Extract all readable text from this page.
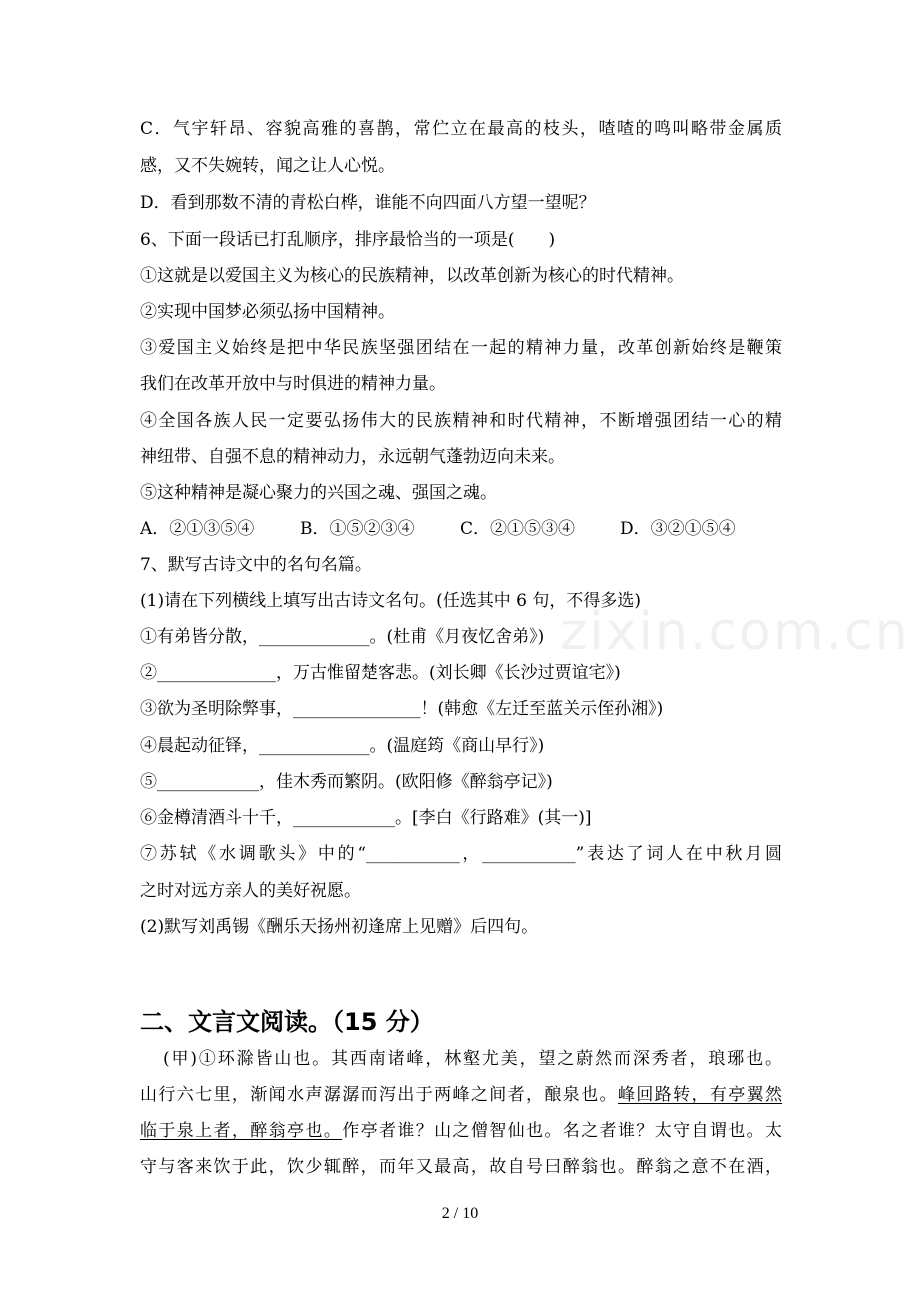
zixin.com.cn
C．气宇轩昂、容貌高雅的喜鹊，常伫立在最高的枝头，喳喳的鸣叫略带金属质
感，又不失婉转，闻之让人心悦。
D．看到那数不清的青松白桦，谁能不向四面八方望一望呢？
6、下面一段话已打乱顺序，排序最恰当的一项是(　　)
①这就是以爱国主义为核心的民族精神，以改革创新为核心的时代精神。
②实现中国梦必须弘扬中国精神。
③爱国主义始终是把中华民族坚强团结在一起的精神力量，改革创新始终是鞭策
我们在改革开放中与时俱进的精神力量。
④全国各族人民一定要弘扬伟大的民族精神和时代精神，不断增强团结一心的精
神纽带、自强不息的精神动力，永远朝气蓬勃迈向未来。
⑤这种精神是凝心聚力的兴国之魂、强国之魂。
A．②①③⑤④	B．①⑤②③④	C．②①⑤③④	D．③②①⑤④
7、默写古诗文中的名句名篇。
(1)请在下列横线上填写出古诗文名句。(任选其中 6 句，不得多选)
①有弟皆分散，_____________。(杜甫《月夜忆舍弟》)
②______________，万古惟留楚客悲。(刘长卿《长沙过贾谊宅》)
③欲为圣明除弊事，_______________！(韩愈《左迁至蓝关示侄孙湘》)
④晨起动征铎，_____________。(温庭筠《商山早行》)
⑤____________，佳木秀而繁阴。(欧阳修《醉翁亭记》)
⑥金樽清酒斗十千，____________。[李白《行路难》(其一)]
⑦苏轼《水调歌头》中的“___________，___________”表达了词人在中秋月圆
之时对远方亲人的美好祝愿。
(2)默写刘禹锡《酬乐天扬州初逢席上见赠》后四句。
二、文言文阅读。（15 分）
(甲)①环滁皆山也。其西南诸峰，林壑尤美，望之蔚然而深秀者，琅琊也。
山行六七里，渐闻水声潺潺而泻出于两峰之间者，酿泉也。峰回路转，有亭翼然
临于泉上者，醉翁亭也。作亭者谁？山之僧智仙也。名之者谁？太守自谓也。太
守与客来饮于此，饮少辄醉，而年又最高，故自号曰醉翁也。醉翁之意不在酒，
2 / 10
